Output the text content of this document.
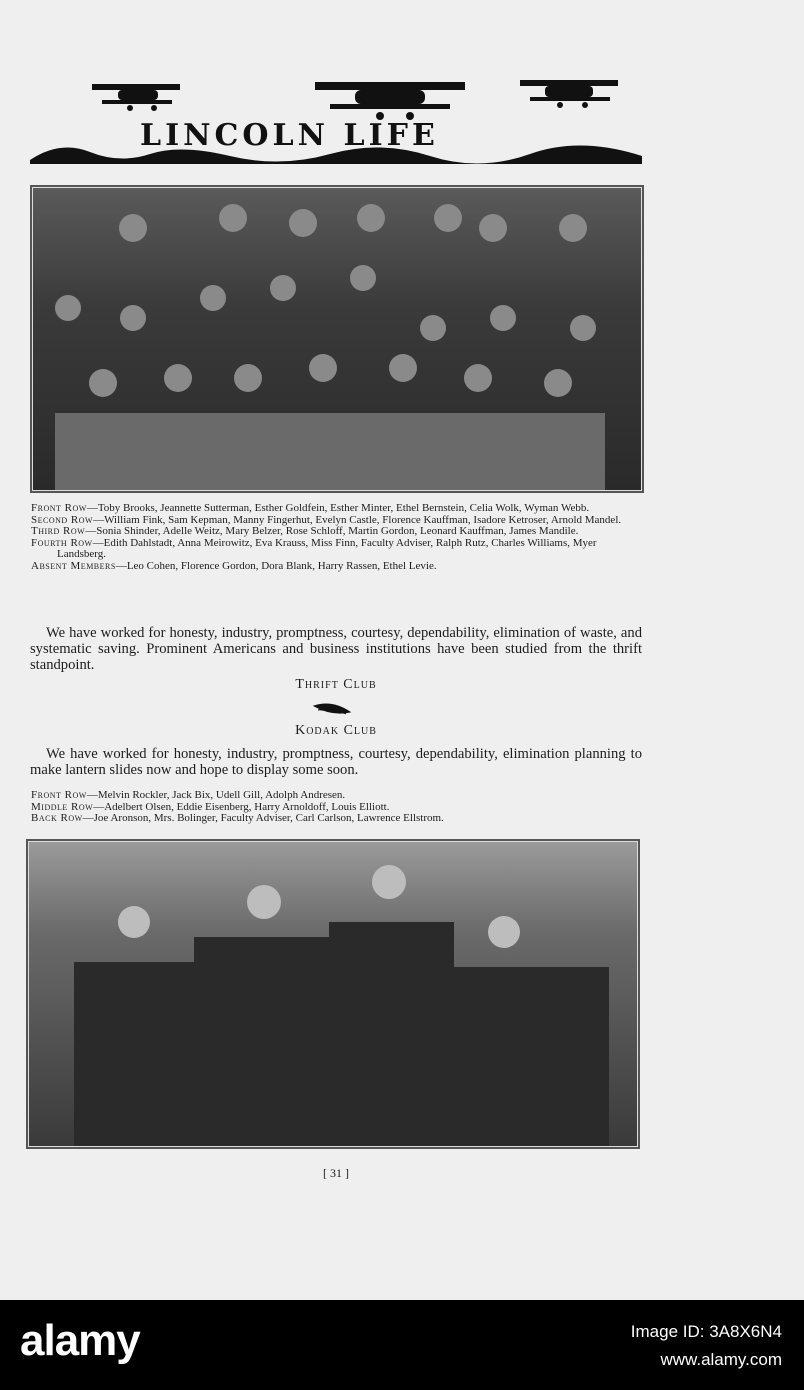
LINCOLN LIFE

Front Row—Toby Brooks, Jeannette Sutterman, Esther Goldfein, Esther Minter, Ethel Bernstein, Celia Wolk, Wyman Webb.

Second Row—William Fink, Sam Kepman, Manny Fingerhut, Evelyn Castle, Florence Kauffman, Isadore Ketroser, Arnold Mandel.

Third Row—Sonia Shinder, Adelle Weitz, Mary Belzer, Rose Schloff, Martin Gordon, Leonard Kauffman, James Mandile.

Fourth Row—Edith Dahlstadt, Anna Meirowitz, Eva Krauss, Miss Finn, Faculty Adviser, Ralph Rutz, Charles Williams, Myer Landsberg.

Absent Members—Leo Cohen, Florence Gordon, Dora Blank, Harry Rassen, Ethel Levie.

We have worked for honesty, industry, promptness, courtesy, dependability, elimination of waste, and systematic saving. Prominent Americans and business institutions have been studied from the thrift standpoint.

Thrift Club
Kodak Club

We have worked for honesty, industry, promptness, courtesy, dependability, elimination planning to make lantern slides now and hope to display some soon.

Front Row—Melvin Rockler, Jack Bix, Udell Gill, Adolph Andresen.

Middle Row—Adelbert Olsen, Eddie Eisenberg, Harry Arnoldoff, Louis Elliott.

Back Row—Joe Aronson, Mrs. Bolinger, Faculty Adviser, Carl Carlson, Lawrence Ellstrom.

[ 31 ]
alamy	Image ID: 3A8X6N4
www.alamy.com
